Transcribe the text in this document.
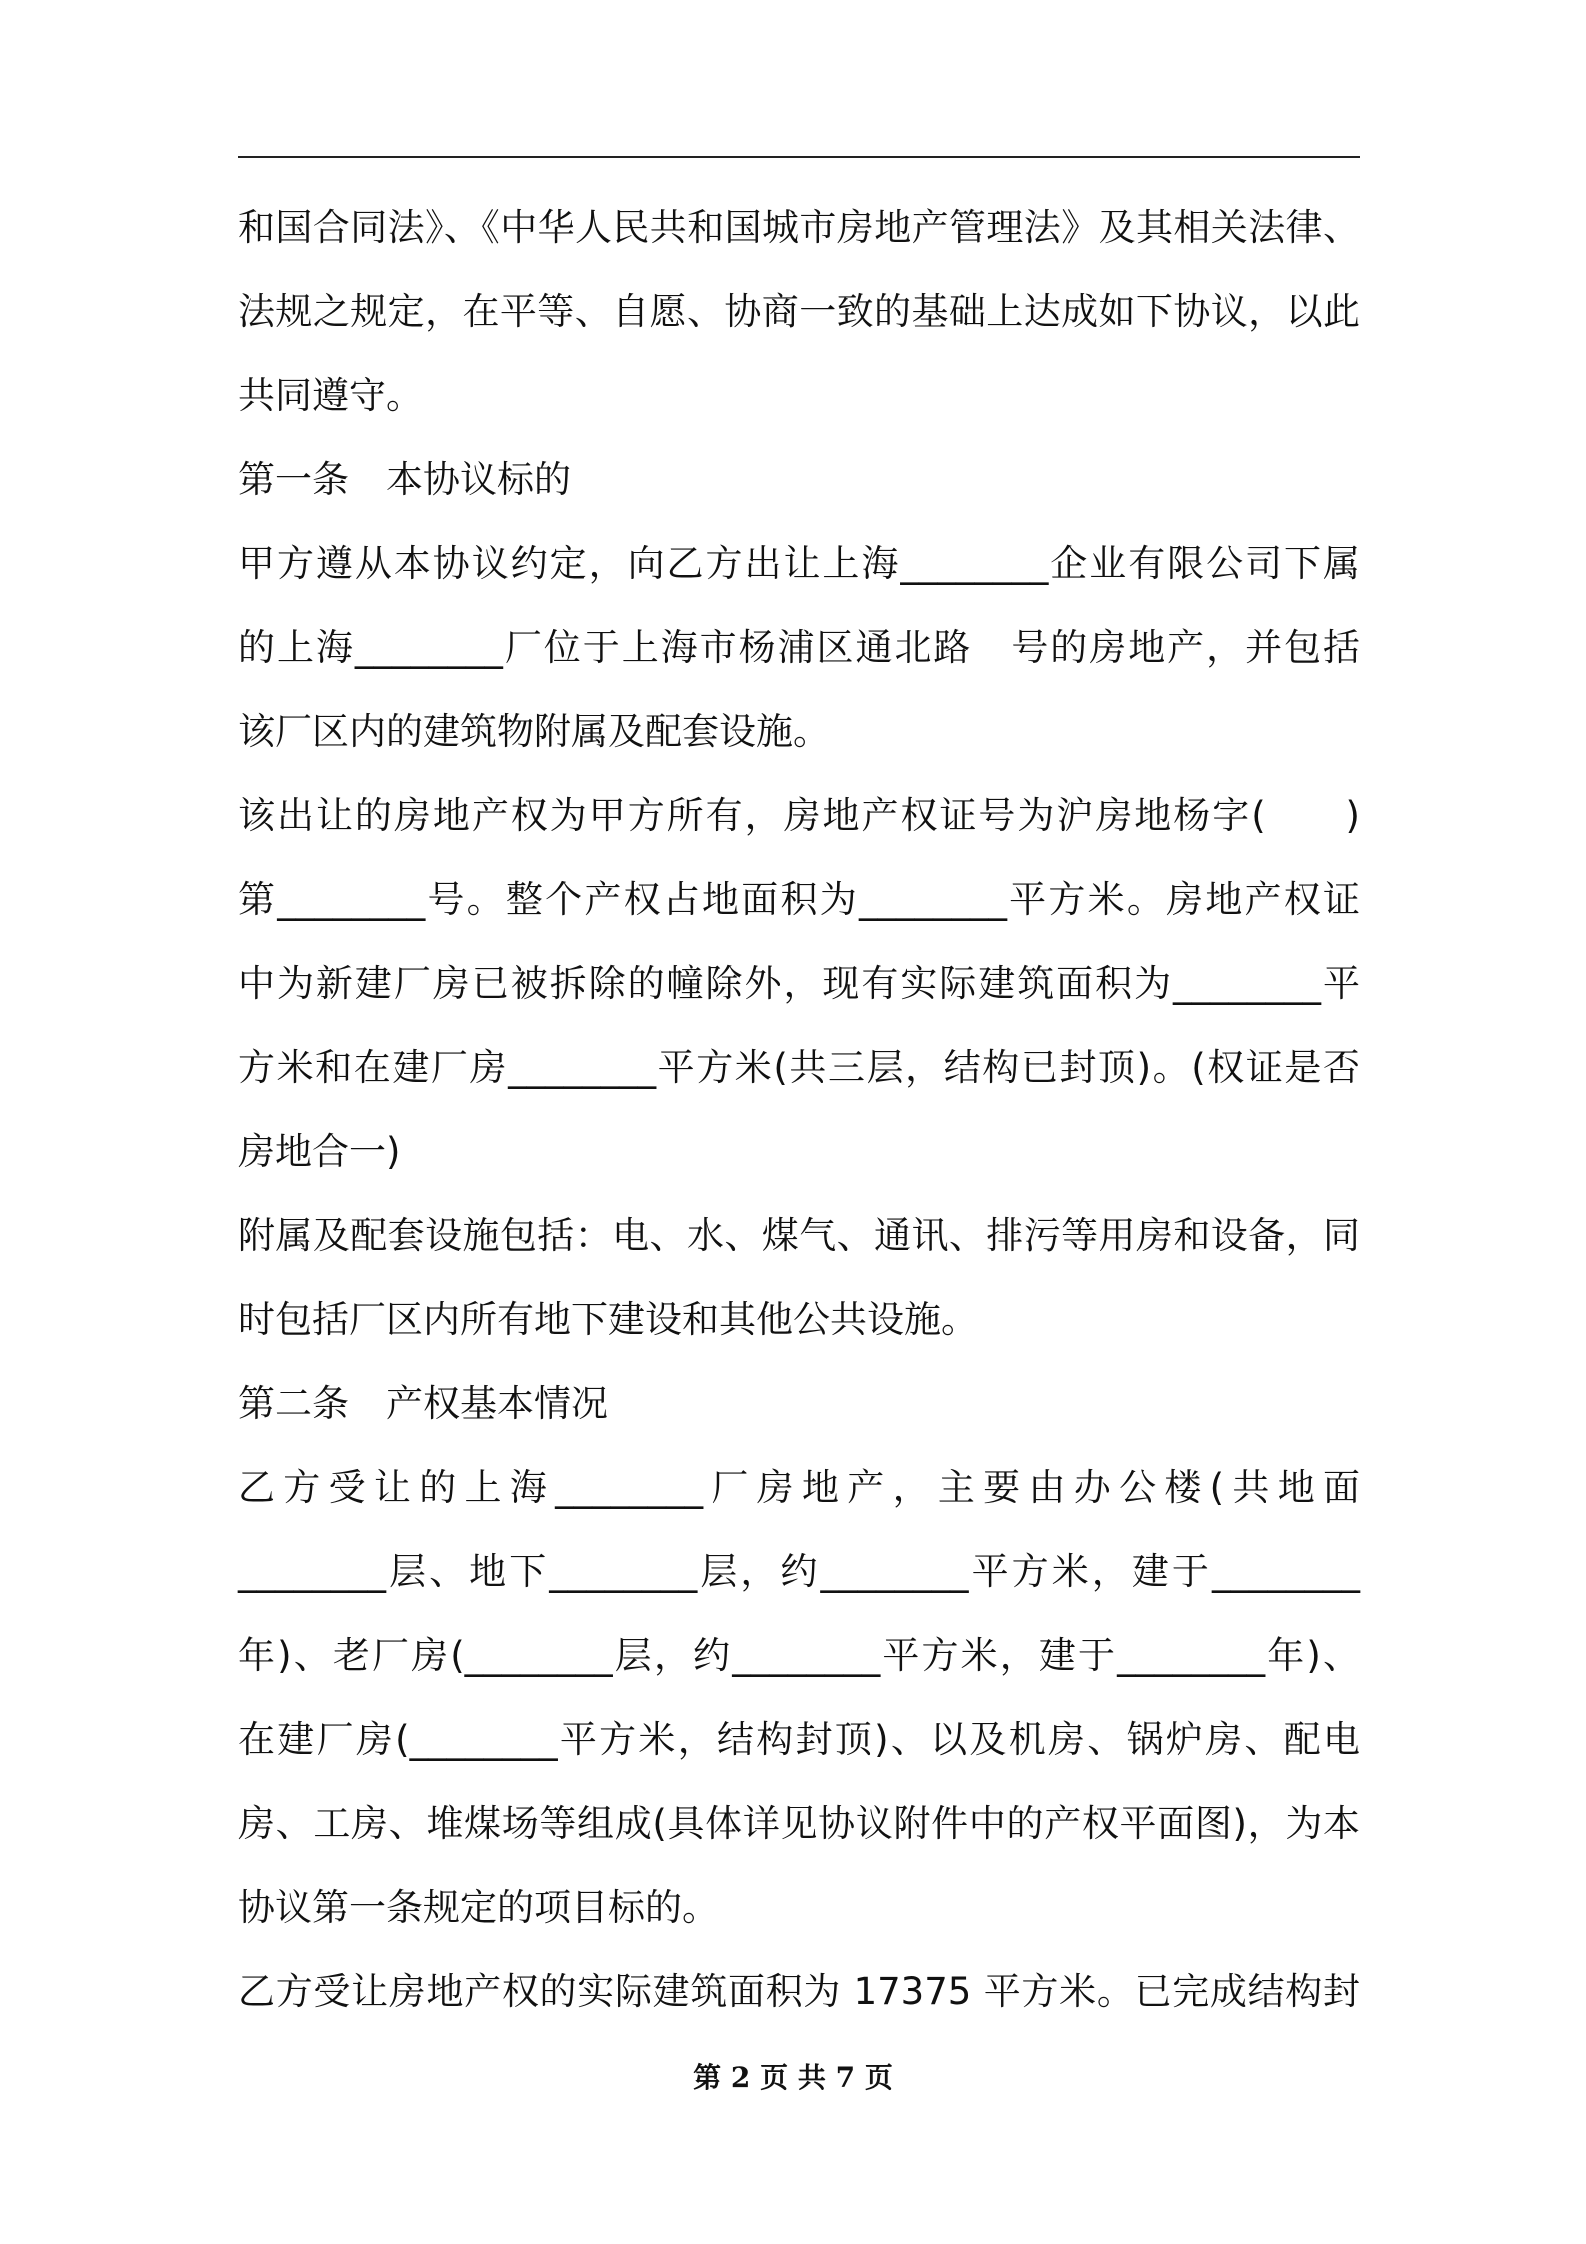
和国合同法》、《中华人民共和国城市房地产管理法》及其相关法律、
法规之规定，在平等、自愿、协商一致的基础上达成如下协议，以此
共同遵守。
第一条　本协议标的
甲方遵从本协议约定，向乙方出让上海________企业有限公司下属
的上海________厂位于上海市杨浦区通北路　号的房地产，并包括
该厂区内的建筑物附属及配套设施。
该出让的房地产权为甲方所有，房地产权证号为沪房地杨字(　　)
第________号。整个产权占地面积为________平方米。房地产权证
中为新建厂房已被拆除的幢除外，现有实际建筑面积为________平
方米和在建厂房________平方米(共三层，结构已封顶)。(权证是否
房地合一)
附属及配套设施包括：电、水、煤气、通讯、排污等用房和设备，同
时包括厂区内所有地下建设和其他公共设施。
第二条　产权基本情况
乙方受让的上海________厂房地产，主要由办公楼(共地面
________层、地下________层，约________平方米，建于________
年)、老厂房(________层，约________平方米，建于________年)、
在建厂房(________平方米，结构封顶)、以及机房、锅炉房、配电
房、工房、堆煤场等组成(具体详见协议附件中的产权平面图)，为本
协议第一条规定的项目标的。
乙方受让房地产权的实际建筑面积为 17375 平方米。已完成结构封
第 2 页 共 7 页
